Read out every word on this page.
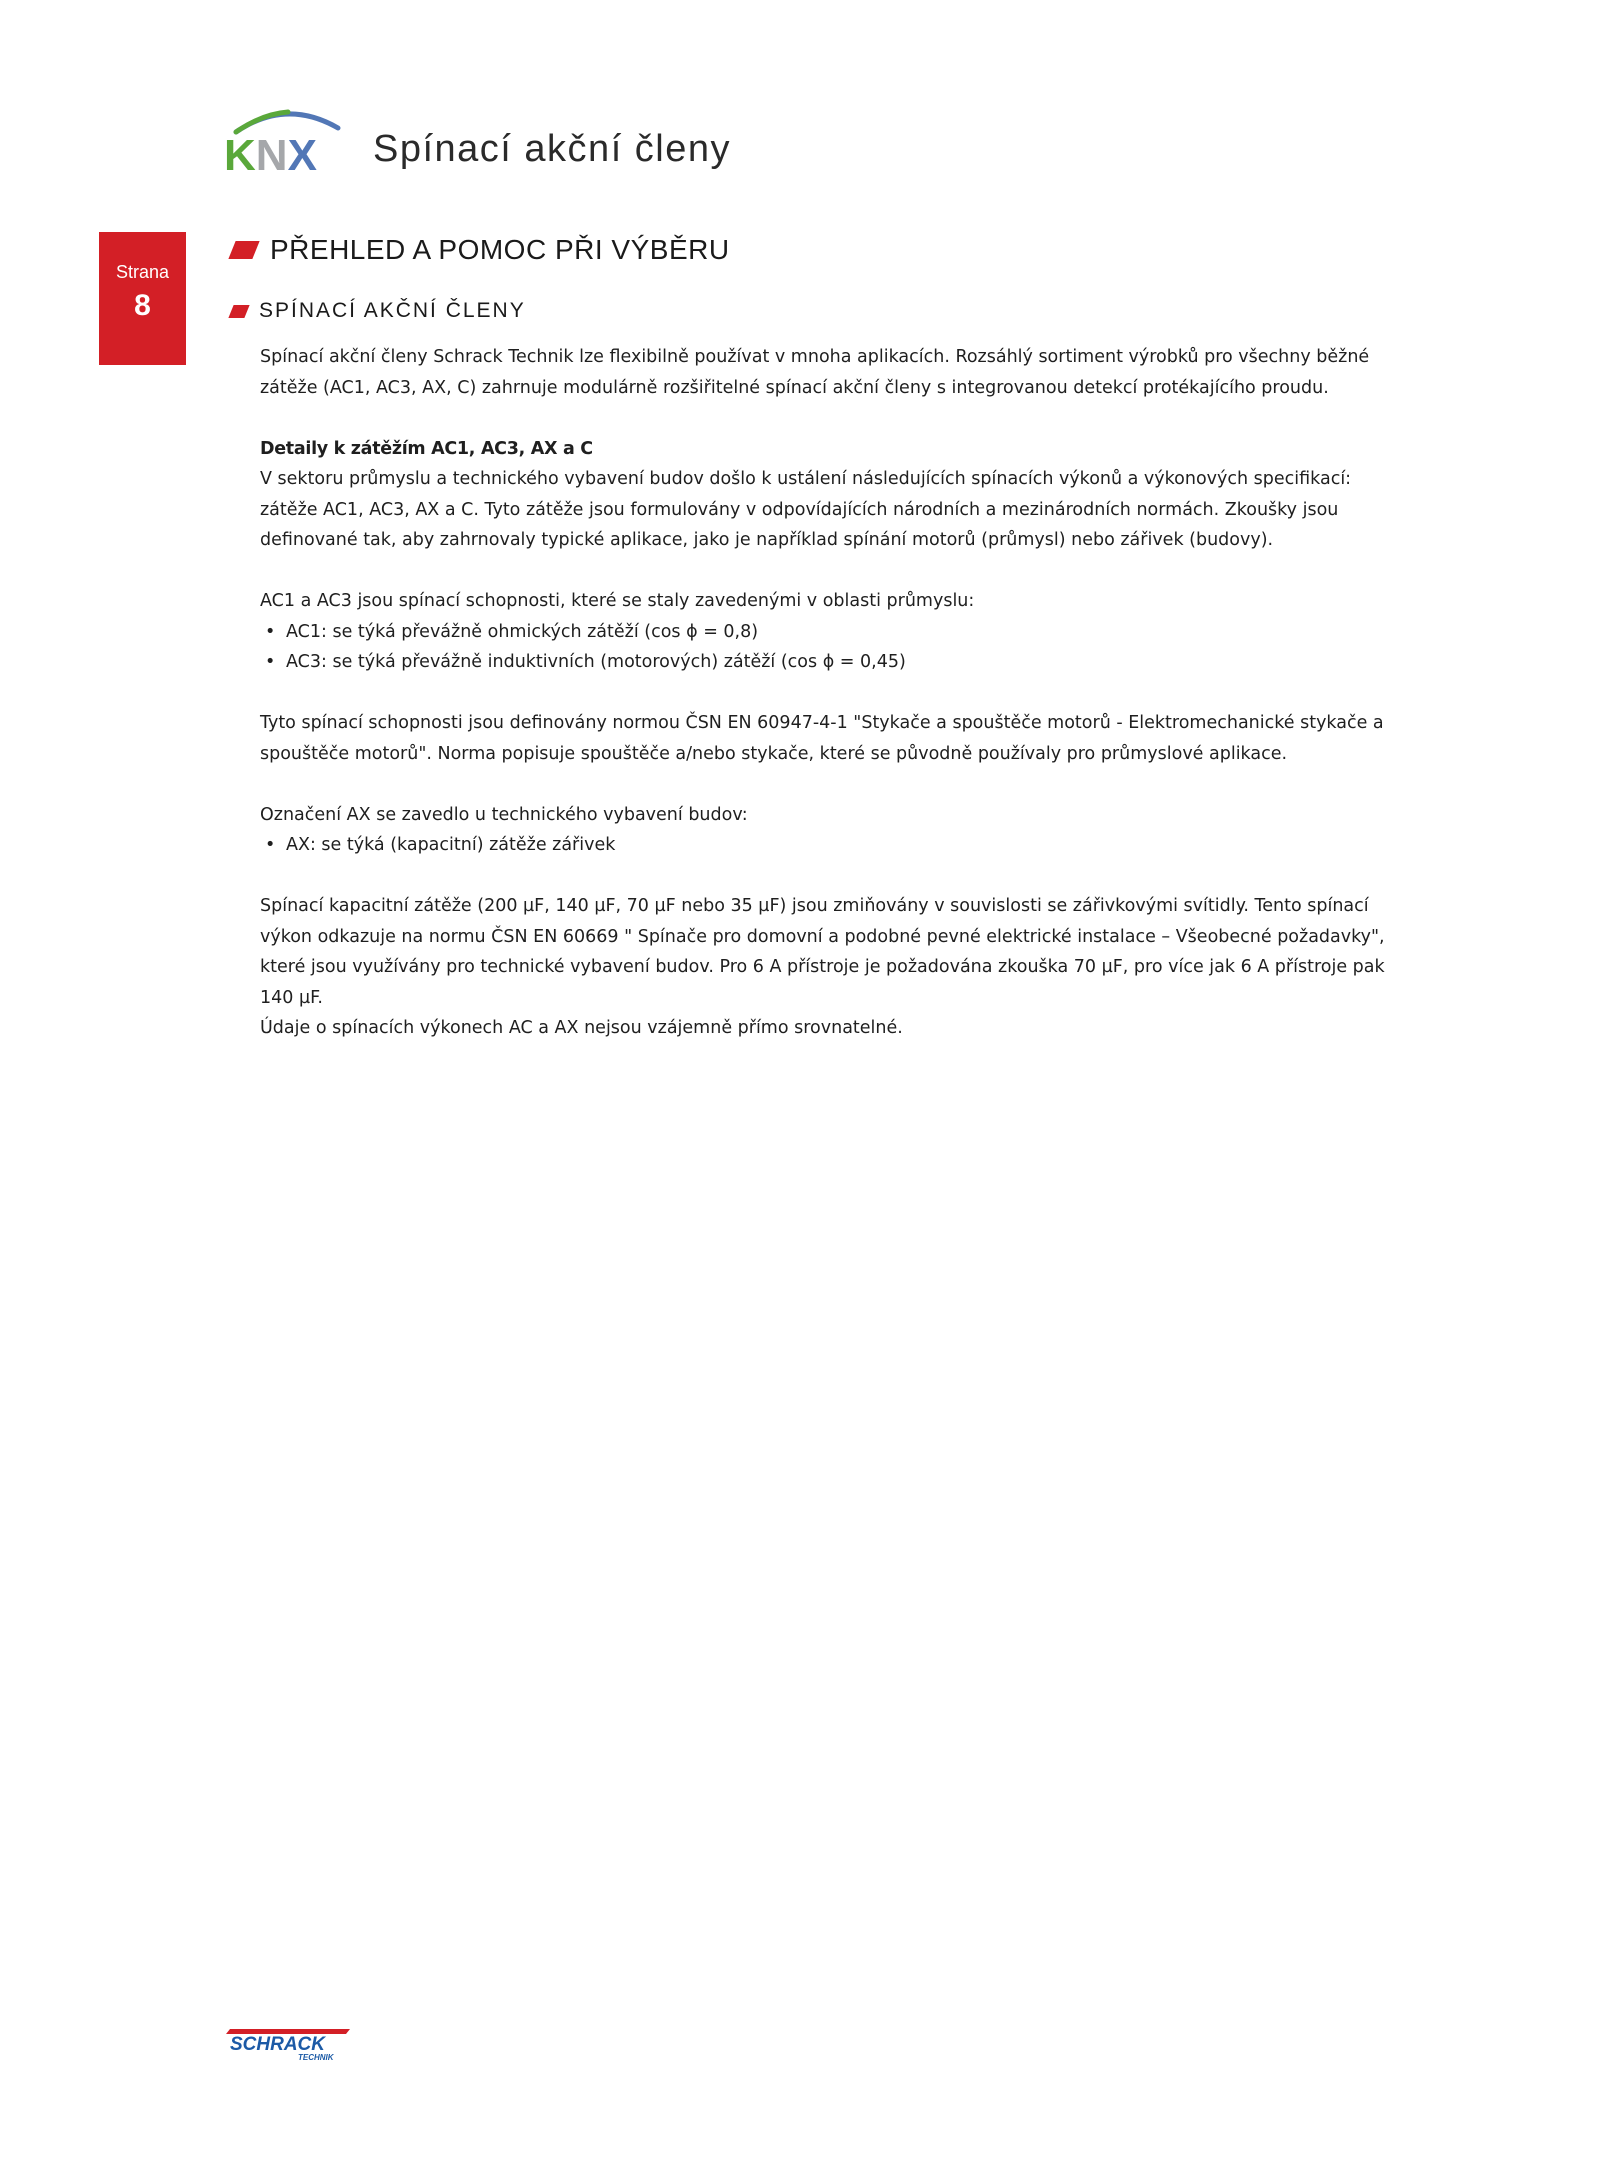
KNX Spínací akční členy
Strana
8
PŘEHLED A POMOC PŘI VÝBĚRU
SPÍNACÍ AKČNÍ ČLENY

Spínací akční členy Schrack Technik lze flexibilně používat v mnoha aplikacích. Rozsáhlý sortiment výrobků pro všechny běžné zátěže (AC1, AC3, AX, C) zahrnuje modulárně rozšiřitelné spínací akční členy s integrovanou detekcí protékajícího proudu.

Detaily k zátěžím AC1, AC3, AX a C

V sektoru průmyslu a technického vybavení budov došlo k ustálení následujících spínacích výkonů a výkonových specifikací: zátěže AC1, AC3, AX a C. Tyto zátěže jsou formulovány v odpovídajících národních a mezinárodních normách. Zkoušky jsou definované tak, aby zahrnovaly typické aplikace, jako je například spínání motorů (průmysl) nebo zářivek (budovy).

AC1 a AC3 jsou spínací schopnosti, které se staly zavedenými v oblasti průmyslu:

• AC1: se týká převážně ohmických zátěží (cos ϕ = 0,8)
• AC3: se týká převážně induktivních (motorových) zátěží (cos ϕ = 0,45)

Tyto spínací schopnosti jsou definovány normou ČSN EN 60947-4-1 "Stykače a spouštěče motorů - Elektromechanické stykače a spouštěče motorů". Norma popisuje spouštěče a/nebo stykače, které se původně používaly pro průmyslové aplikace.

Označení AX se zavedlo u technického vybavení budov:

• AX: se týká (kapacitní) zátěže zářivek

Spínací kapacitní zátěže (200 µF, 140 µF, 70 µF nebo 35 µF) jsou zmiňovány v souvislosti se zářivkovými svítidly. Tento spínací výkon odkazuje na normu ČSN EN 60669 " Spínače pro domovní a podobné pevné elektrické instalace – Všeobecné požadavky", které jsou využívány pro technické vybavení budov. Pro 6 A přístroje je požadována zkouška 70 µF, pro více jak 6 A přístroje pak 140 µF.

Údaje o spínacích výkonech AC a AX nejsou vzájemně přímo srovnatelné.

SCHRACK
TECHNIK
